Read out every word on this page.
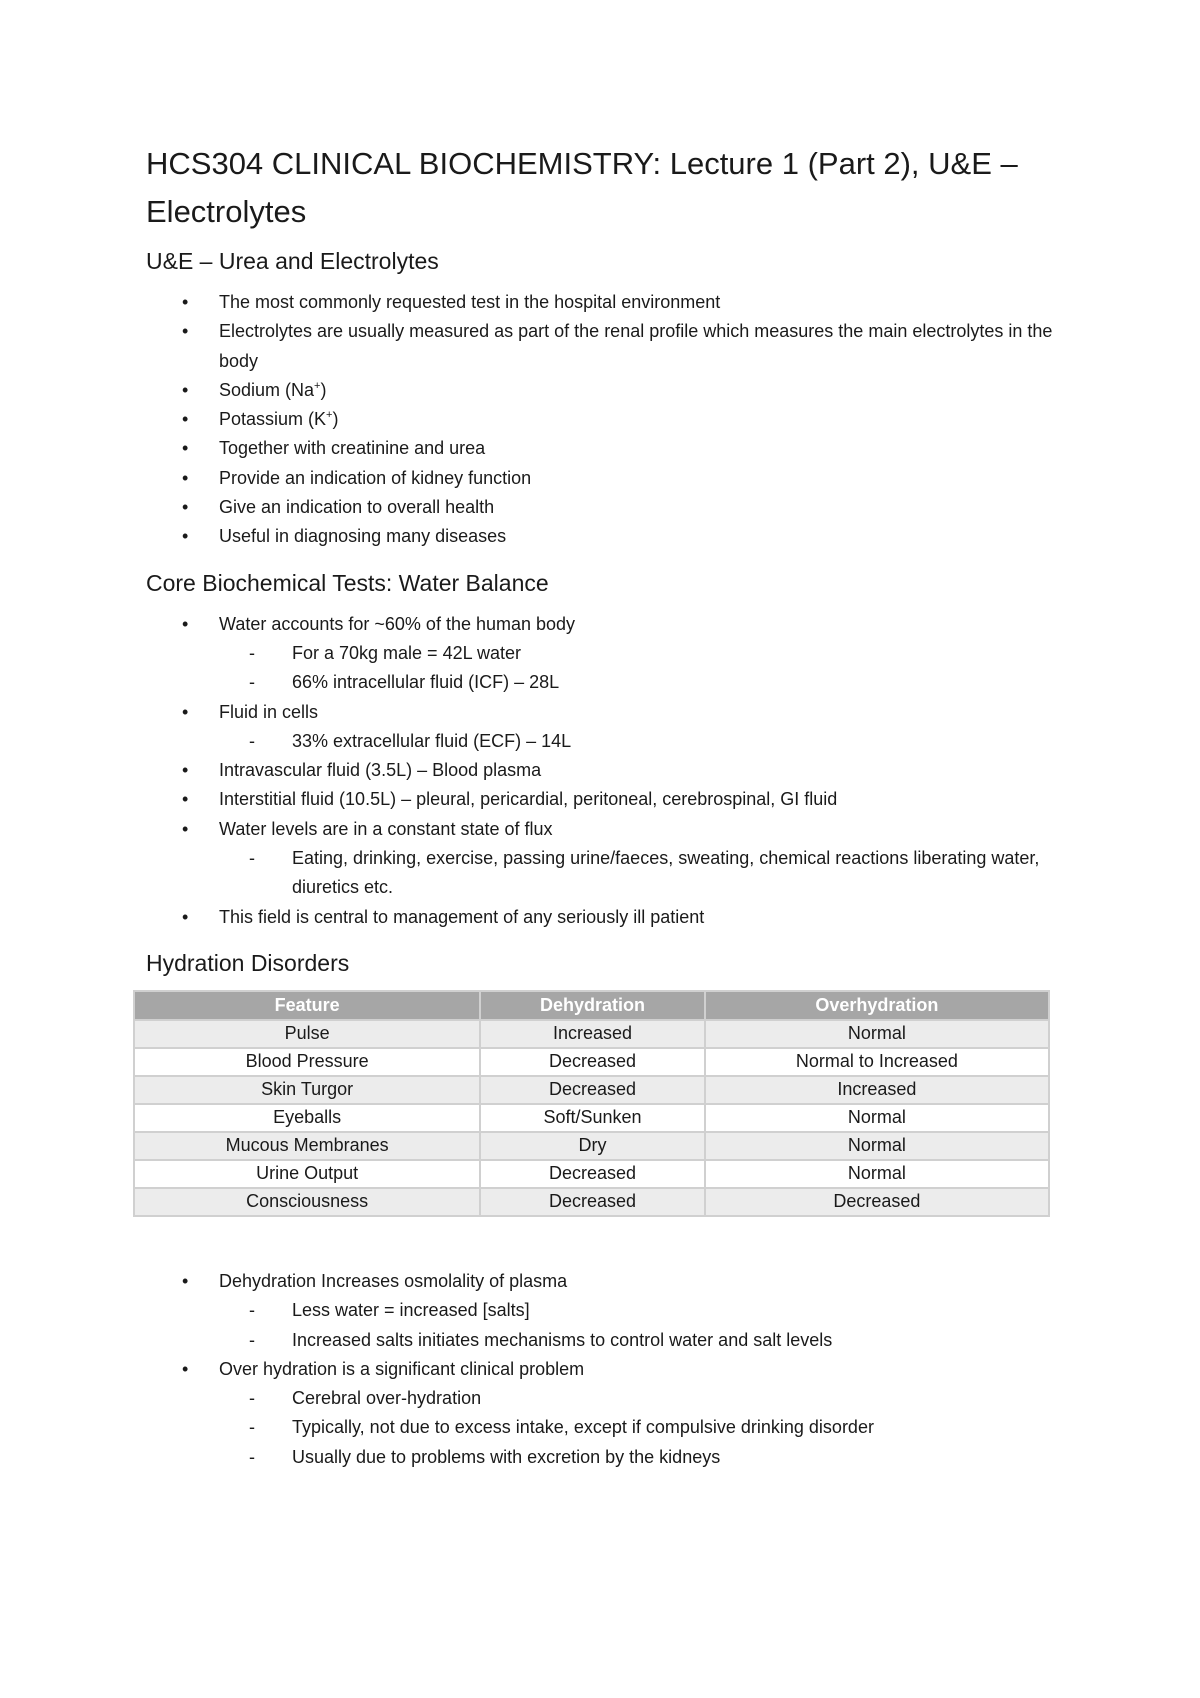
HCS304 CLINICAL BIOCHEMISTRY: Lecture 1 (Part 2), U&E – Electrolytes
U&E – Urea and Electrolytes
• The most commonly requested test in the hospital environment
• Electrolytes are usually measured as part of the renal profile which measures the main electrolytes in the body
• Sodium (Na+)
• Potassium (K+)
• Together with creatinine and urea
• Provide an indication of kidney function
• Give an indication to overall health
• Useful in diagnosing many diseases
Core Biochemical Tests: Water Balance
• Water accounts for ~60% of the human body
- For a 70kg male = 42L water
- 66% intracellular fluid (ICF) – 28L
• Fluid in cells
- 33% extracellular fluid (ECF) – 14L
• Intravascular fluid (3.5L) – Blood plasma
• Interstitial fluid (10.5L) – pleural, pericardial, peritoneal, cerebrospinal, GI fluid
• Water levels are in a constant state of flux
- Eating, drinking, exercise, passing urine/faeces, sweating, chemical reactions liberating water, diuretics etc.
• This field is central to management of any seriously ill patient
Hydration Disorders
Feature	Dehydration	Overhydration
Pulse	Increased	Normal
Blood Pressure	Decreased	Normal to Increased
Skin Turgor	Decreased	Increased
Eyeballs	Soft/Sunken	Normal
Mucous Membranes	Dry	Normal
Urine Output	Decreased	Normal
Consciousness	Decreased	Decreased
• Dehydration Increases osmolality of plasma
- Less water = increased [salts]
- Increased salts initiates mechanisms to control water and salt levels
• Over hydration is a significant clinical problem
- Cerebral over-hydration
- Typically, not due to excess intake, except if compulsive drinking disorder
- Usually due to problems with excretion by the kidneys
